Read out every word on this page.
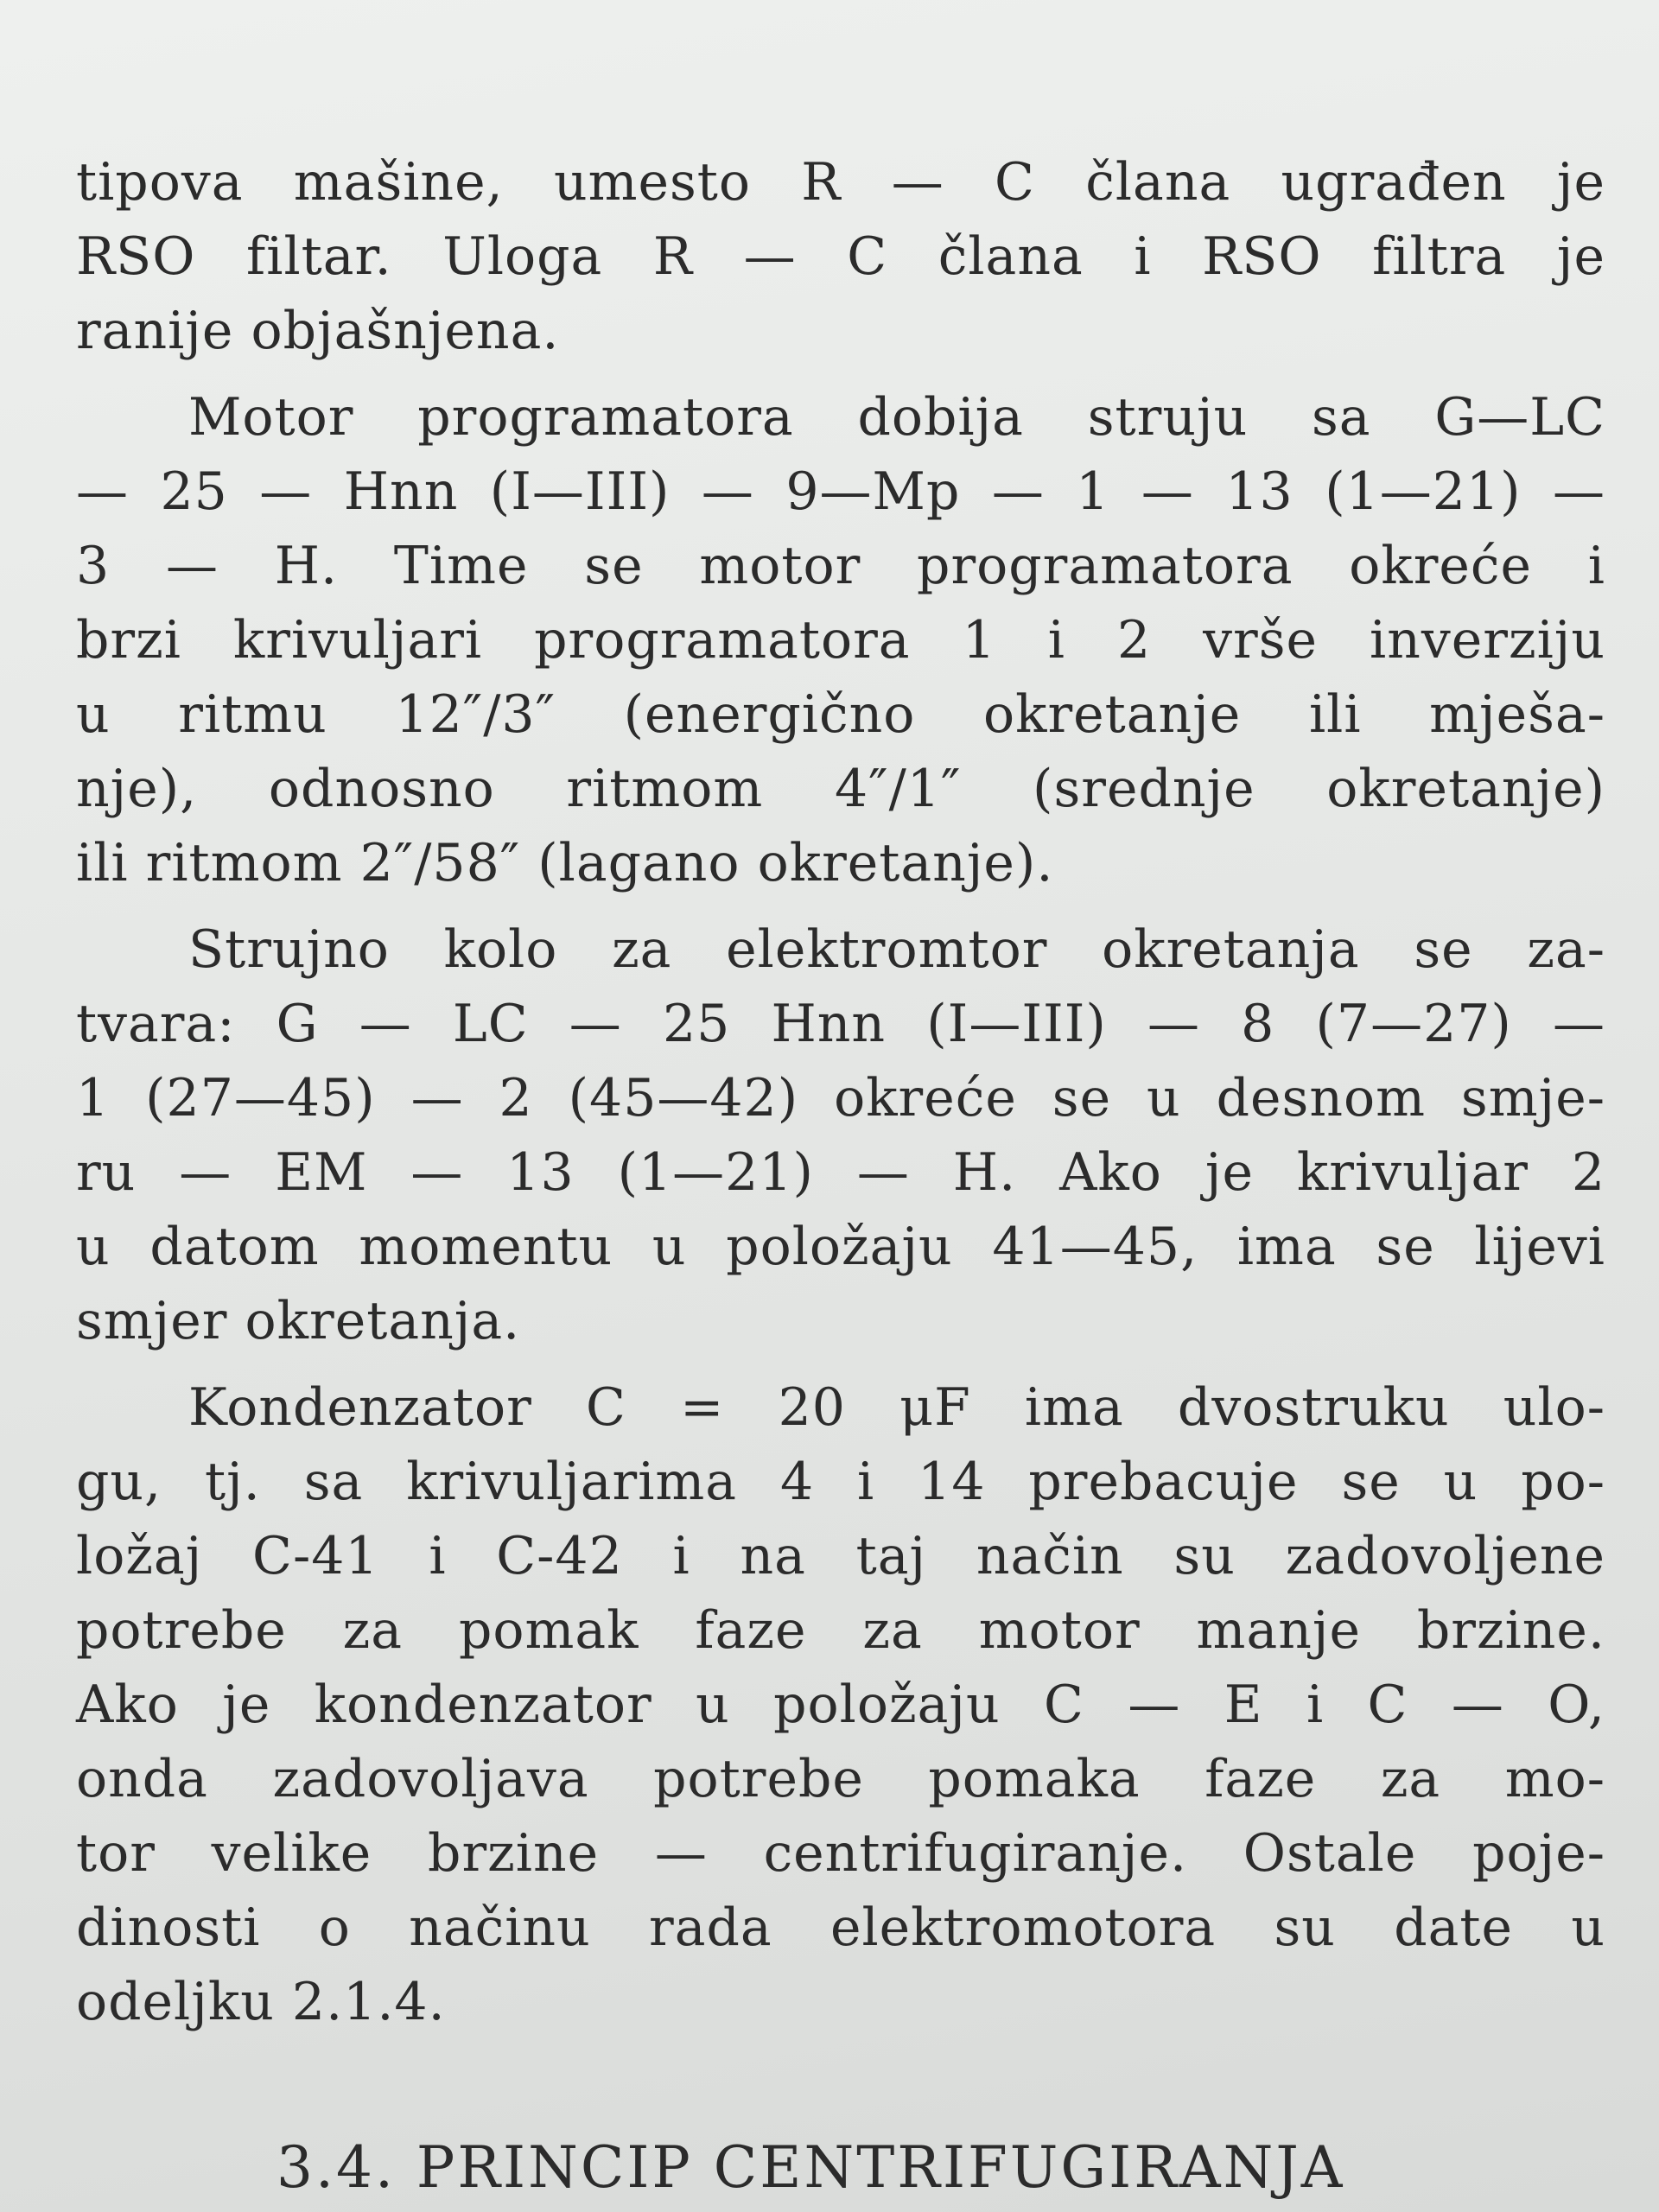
tipova mašine, umesto R — C člana ugrađen je
RSO filtar. Uloga R — C člana i RSO filtra je
ranije objašnjena.
Motor programatora dobija struju sa G—LC
— 25 — Hnn (I—III) — 9—Mp — 1 — 13 (1—21) —
3 — H. Time se motor programatora okreće i
brzi krivuljari programatora 1 i 2 vrše inverziju
u ritmu 12″/3″ (energično okretanje ili mješa-
nje), odnosno ritmom 4″/1″ (srednje okretanje)
ili ritmom 2″/58″ (lagano okretanje).
Strujno kolo za elektromtor okretanja se za-
tvara: G — LC — 25 Hnn (I—III) — 8 (7—27) —
1 (27—45) — 2 (45—42) okreće se u desnom smje-
ru — EM — 13 (1—21) — H. Ako je krivuljar 2
u datom momentu u položaju 41—45, ima se lijevi
smjer okretanja.
Kondenzator C = 20 μF ima dvostruku ulo-
gu, tj. sa krivuljarima 4 i 14 prebacuje se u po-
ložaj C-41 i C-42 i na taj način su zadovoljene
potrebe za pomak faze za motor manje brzine.
Ako je kondenzator u položaju C — E i C — O,
onda zadovoljava potrebe pomaka faze za mo-
tor velike brzine — centrifugiranje. Ostale poje-
dinosti o načinu rada elektromotora su date u
odeljku 2.1.4.
3.4. PRINCIP CENTRIFUGIRANJA
